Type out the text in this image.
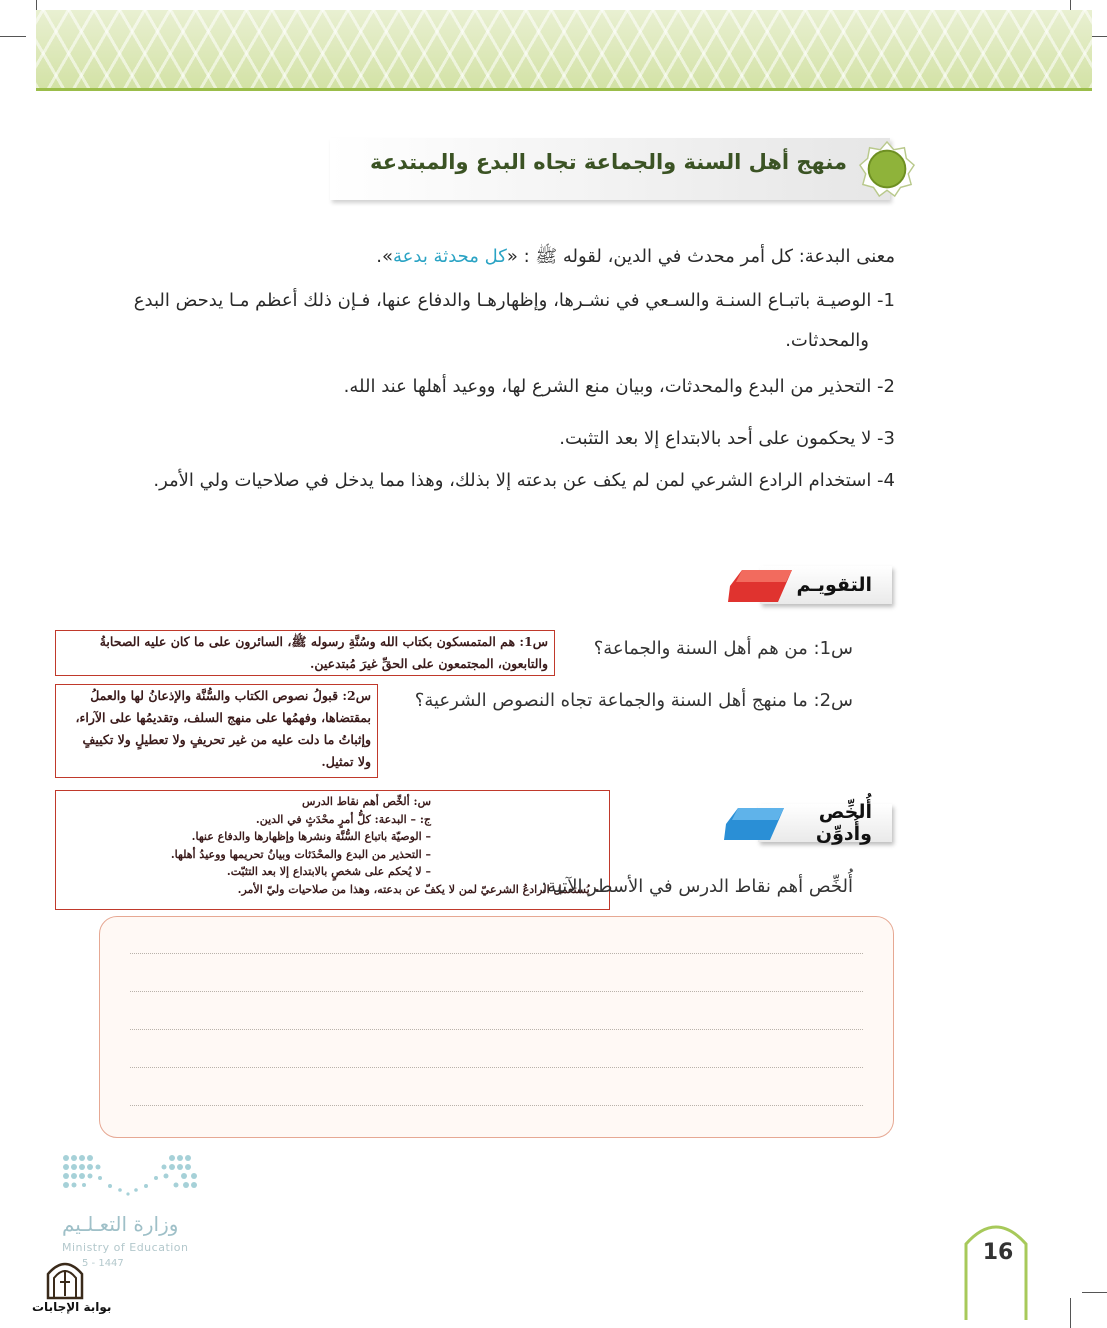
منهج أهل السنة والجماعة تجاه البدع والمبتدعة
معنى البدعة: كل أمر محدث في الدين، لقوله ﷺ : «كل محدثة بدعة».
1- الوصيـة باتبـاع السنـة والسـعي في نشـرها، وإظهارهـا والدفاع عنها، فـإن ذلك أعظم مـا يدحض البدع
والمحدثات.
2- التحذير من البدع والمحدثات، وبيان منع الشرع لها، ووعيد أهلها عند الله.
3- لا يحكمون على أحد بالابتداع إلا بعد التثبت.
4- استخدام الرادع الشرعي لمن لم يكف عن بدعته إلا بذلك، وهذا مما يدخل في صلاحيات ولي الأمر.
التقويـم
س1: من هم أهل السنة والجماعة؟
س2: ما منهج أهل السنة والجماعة تجاه النصوص الشرعية؟
س1: هم المتمسكون بكتاب الله وسُنَّةِ رسوله ﷺ، السائرون على ما كان عليه الصحابةُ
والتابعون، المجتمعون على الحقِّ غيرَ مُبتدعين.
س2: قبولُ نصوص الكتاب والسُّنَّة والإذعانُ لها والعملُ
بمقتضاها، وفهمُها على منهج السلف، وتقديمُها على الآراء،
وإثباتُ ما دلت عليه من غير تحريفٍ ولا تعطيلٍ ولا تكييفٍ
ولا تمثيل.
أُلخِّص وأُدوِّن
س: ألخِّص أهم نقاط الدرس
ج: – البدعة: كلُّ أمرٍ محْدَثٍ في الدين.
– الوصيّة باتباع السُّنَّة ونشرها وإظهارها والدفاع عنها.
– التحذير من البدع والمحْدَثات وبيانُ تحريمها ووعيدُ أهلها.
– لا يُحكم على شخصٍ بالابتداع إلا بعد التثبّت.
– يُستعمل الرادعُ الشرعيّ لمن لا يكفّ عن بدعته، وهذا من صلاحيات وليّ الأمر.
أُلخِّص أهم نقاط الدرس في الأسطر الآتية:
وزارة التعـلـيم
Ministry of Education
5 - 1447
بوابة الإجابات
16
